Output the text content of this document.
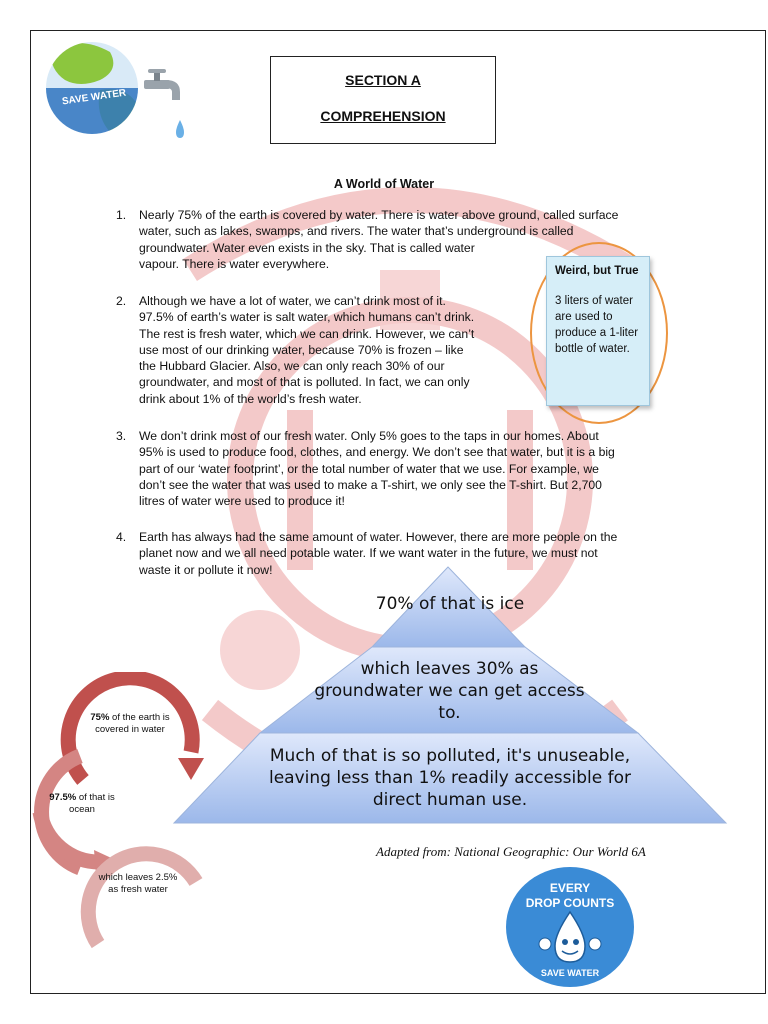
SAVE WATER
SECTION A
COMPREHENSION
A World of Water
1. Nearly 75% of the earth is covered by water. There is water above ground, called surface
water, such as lakes, swamps, and rivers. The water that’s underground is called
groundwater. Water even exists in the sky. That is called water
vapour. There is water everywhere.
2. Although we have a lot of water, we can’t drink most of it.
97.5% of earth’s water is salt water, which humans can’t drink.
The rest is fresh water, which we can drink. However, we can’t
use most of our drinking water, because 70% is frozen – like
the Hubbard Glacier. Also, we can only reach 30% of our
groundwater, and most of that is polluted. In fact, we can only
drink about 1% of the world’s fresh water.
Weird, but True
3 liters of water are used to produce a 1-liter bottle of water.
3. We don’t drink most of our fresh water. Only 5% goes to the taps in our homes. About
95% is used to produce food, clothes, and energy. We don’t see that water, but it is a big
part of our ‘water footprint’, or the total number of water that we use. For example, we
don’t see the water that was used to make a T-shirt, we only see the T-shirt. But 2,700
litres of water were used to produce it!
4. Earth has always had the same amount of water. However, there are more people on the
planet now and we all need potable water. If we want water in the future, we must not
waste it or pollute it now!
70% of that is ice
which leaves 30% as groundwater we can get access to.
Much of that is so polluted, it's unuseable, leaving less than 1% readily accessible for direct human use.
75% of the earth is covered in water
97.5% of that is ocean
which leaves 2.5% as fresh water
Adapted from: National Geographic: Our World 6A
EVERY
DROP COUNTS
SAVE WATER
